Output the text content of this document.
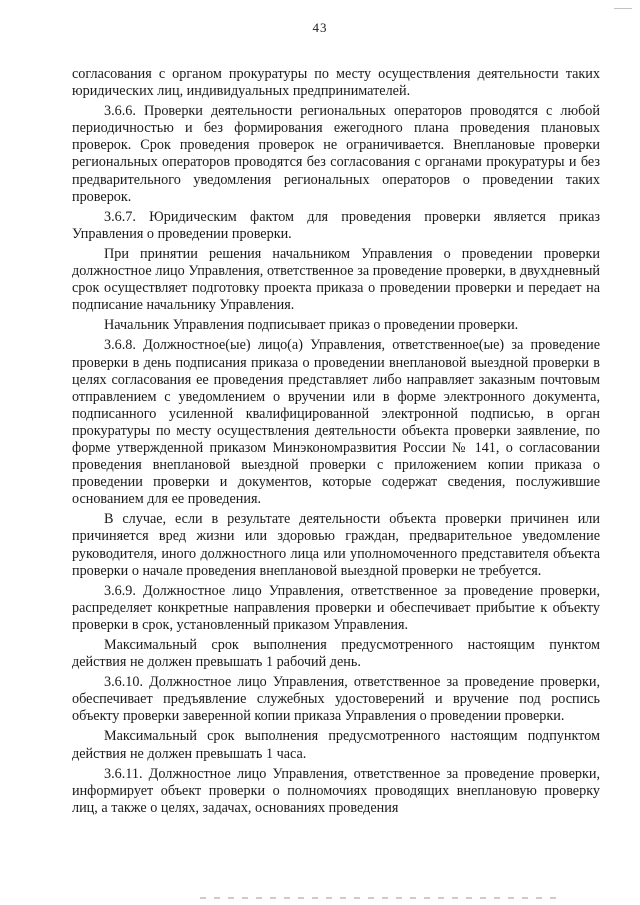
43

согласования с органом прокуратуры по месту осуществления деятельности таких юридических лиц, индивидуальных предпринимателей.

3.6.6. Проверки деятельности региональных операторов проводятся с любой периодичностью и без формирования ежегодного плана проведения плановых проверок. Срок проведения проверок не ограничивается. Внеплановые проверки региональных операторов проводятся без согласования с органами прокуратуры и без предварительного уведомления региональных операторов о проведении таких проверок.

3.6.7. Юридическим фактом для проведения проверки является приказ Управления о проведении проверки.

При принятии решения начальником Управления о проведении проверки должностное лицо Управления, ответственное за проведение проверки, в двухдневный срок осуществляет подготовку проекта приказа о проведении проверки и передает на подписание начальнику Управления.

Начальник Управления подписывает приказ о проведении проверки.

3.6.8. Должностное(ые) лицо(а) Управления, ответственное(ые) за проведение проверки в день подписания приказа о проведении внеплановой выездной проверки в целях согласования ее проведения представляет либо направляет заказным почтовым отправлением с уведомлением о вручении или в форме электронного документа, подписанного усиленной квалифицированной электронной подписью, в орган прокуратуры по месту осуществления деятельности объекта проверки заявление, по форме утвержденной приказом Минэкономразвития России № 141, о согласовании проведения внеплановой выездной проверки с приложением копии приказа о проведении проверки и документов, которые содержат сведения, послужившие основанием для ее проведения.

В случае, если в результате деятельности объекта проверки причинен или причиняется вред жизни или здоровью граждан, предварительное уведомление руководителя, иного должностного лица или уполномоченного представителя объекта проверки о начале проведения внеплановой выездной проверки не требуется.

3.6.9. Должностное лицо Управления, ответственное за проведение проверки, распределяет конкретные направления проверки и обеспечивает прибытие к объекту проверки в срок, установленный приказом Управления.

Максимальный срок выполнения предусмотренного настоящим пунктом действия не должен превышать 1 рабочий день.

3.6.10. Должностное лицо Управления, ответственное за проведение проверки, обеспечивает предъявление служебных удостоверений и вручение под роспись объекту проверки заверенной копии приказа Управления о проведении проверки.

Максимальный срок выполнения предусмотренного настоящим подпунктом действия не должен превышать 1 часа.

3.6.11. Должностное лицо Управления, ответственное за проведение проверки, информирует объект проверки о полномочиях проводящих внеплановую проверку лиц, а также о целях, задачах, основаниях проведения
